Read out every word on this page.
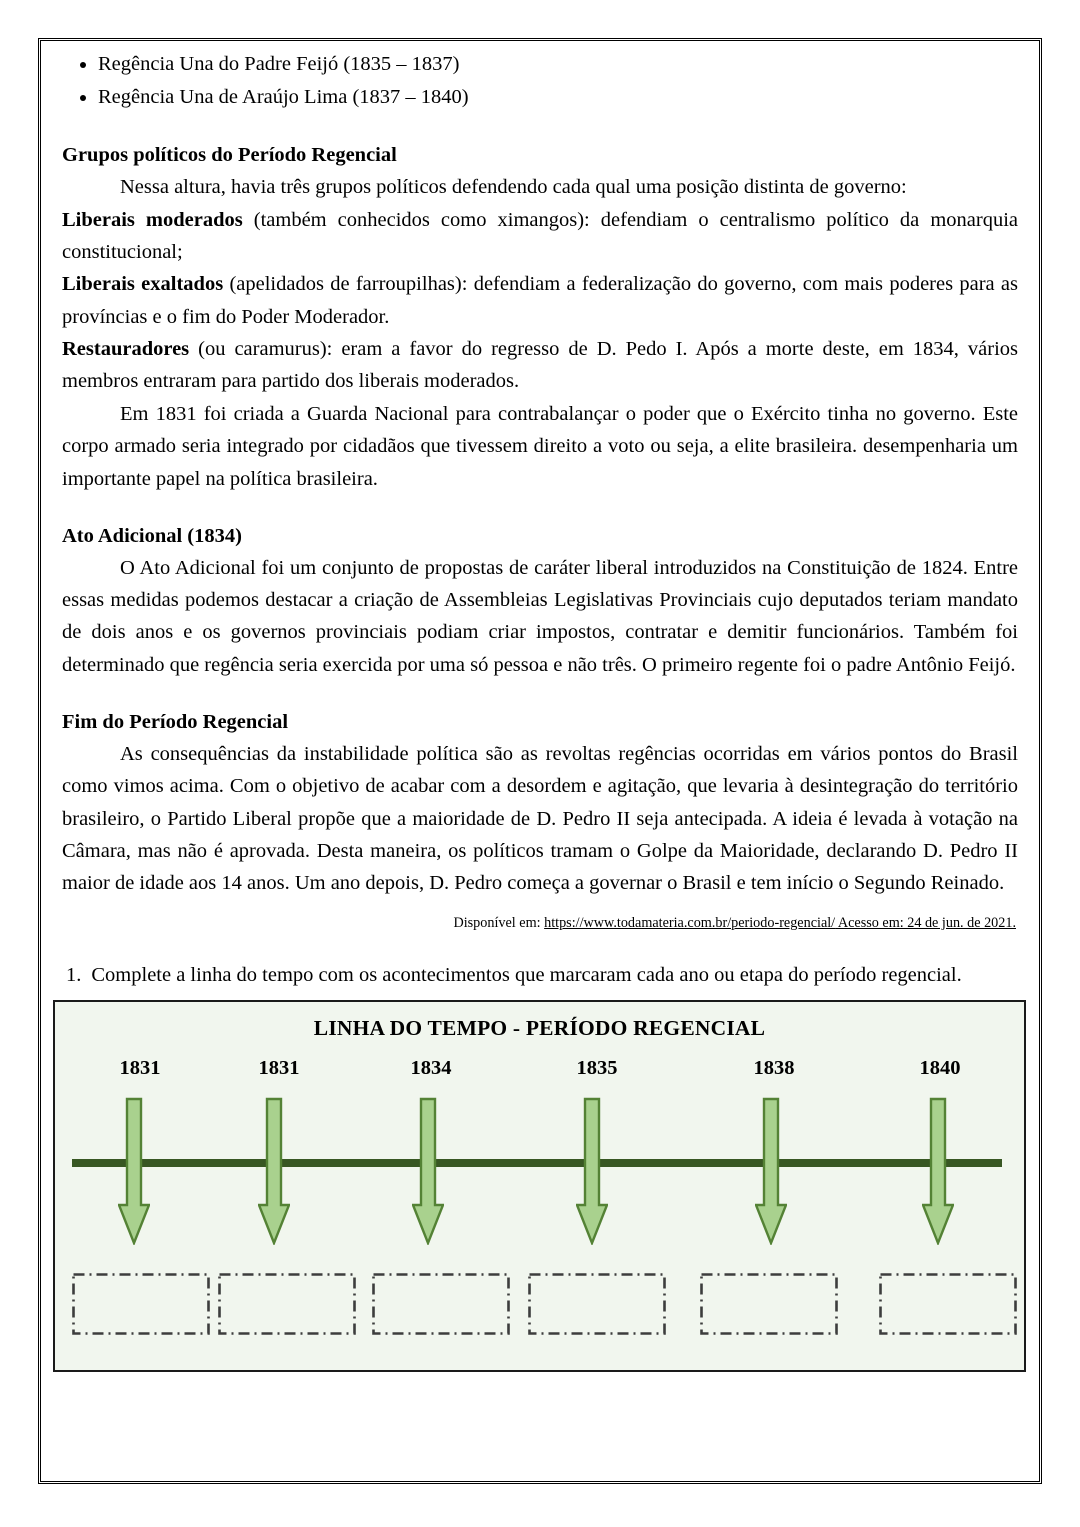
• Regência Una do Padre Feijó (1835 – 1837)
• Regência Una de Araújo Lima (1837 – 1840)
Grupos políticos do Período Regencial

Nessa altura, havia três grupos políticos defendendo cada qual uma posição distinta de governo:

Liberais moderados (também conhecidos como ximangos): defendiam o centralismo político da monarquia constitucional;

Liberais exaltados (apelidados de farroupilhas): defendiam a federalização do governo, com mais poderes para as províncias e o fim do Poder Moderador.

Restauradores (ou caramurus): eram a favor do regresso de D. Pedo I. Após a morte deste, em 1834, vários membros entraram para partido dos liberais moderados.

Em 1831 foi criada a Guarda Nacional para contrabalançar o poder que o Exército tinha no governo. Este corpo armado seria integrado por cidadãos que tivessem direito a voto ou seja, a elite brasileira. desempenharia um importante papel na política brasileira.

Ato Adicional (1834)

O Ato Adicional foi um conjunto de propostas de caráter liberal introduzidos na Constituição de 1824. Entre essas medidas podemos destacar a criação de Assembleias Legislativas Provinciais cujo deputados teriam mandato de dois anos e os governos provinciais podiam criar impostos, contratar e demitir funcionários. Também foi determinado que regência seria exercida por uma só pessoa e não três. O primeiro regente foi o padre Antônio Feijó.

Fim do Período Regencial

As consequências da instabilidade política são as revoltas regências ocorridas em vários pontos do Brasil como vimos acima. Com o objetivo de acabar com a desordem e agitação, que levaria à desintegração do território brasileiro, o Partido Liberal propõe que a maioridade de D. Pedro II seja antecipada. A ideia é levada à votação na Câmara, mas não é aprovada. Desta maneira, os políticos tramam o Golpe da Maioridade, declarando D. Pedro II maior de idade aos 14 anos. Um ano depois, D. Pedro começa a governar o Brasil e tem início o Segundo Reinado.

Disponível em: https://www.todamateria.com.br/periodo-regencial/ Acesso em: 24 de jun. de 2021.

1. Complete a linha do tempo com os acontecimentos que marcaram cada ano ou etapa do período regencial.
LINHA DO TEMPO - PERÍODO REGENCIAL
1831	1831	1834	1835	1838	1840
